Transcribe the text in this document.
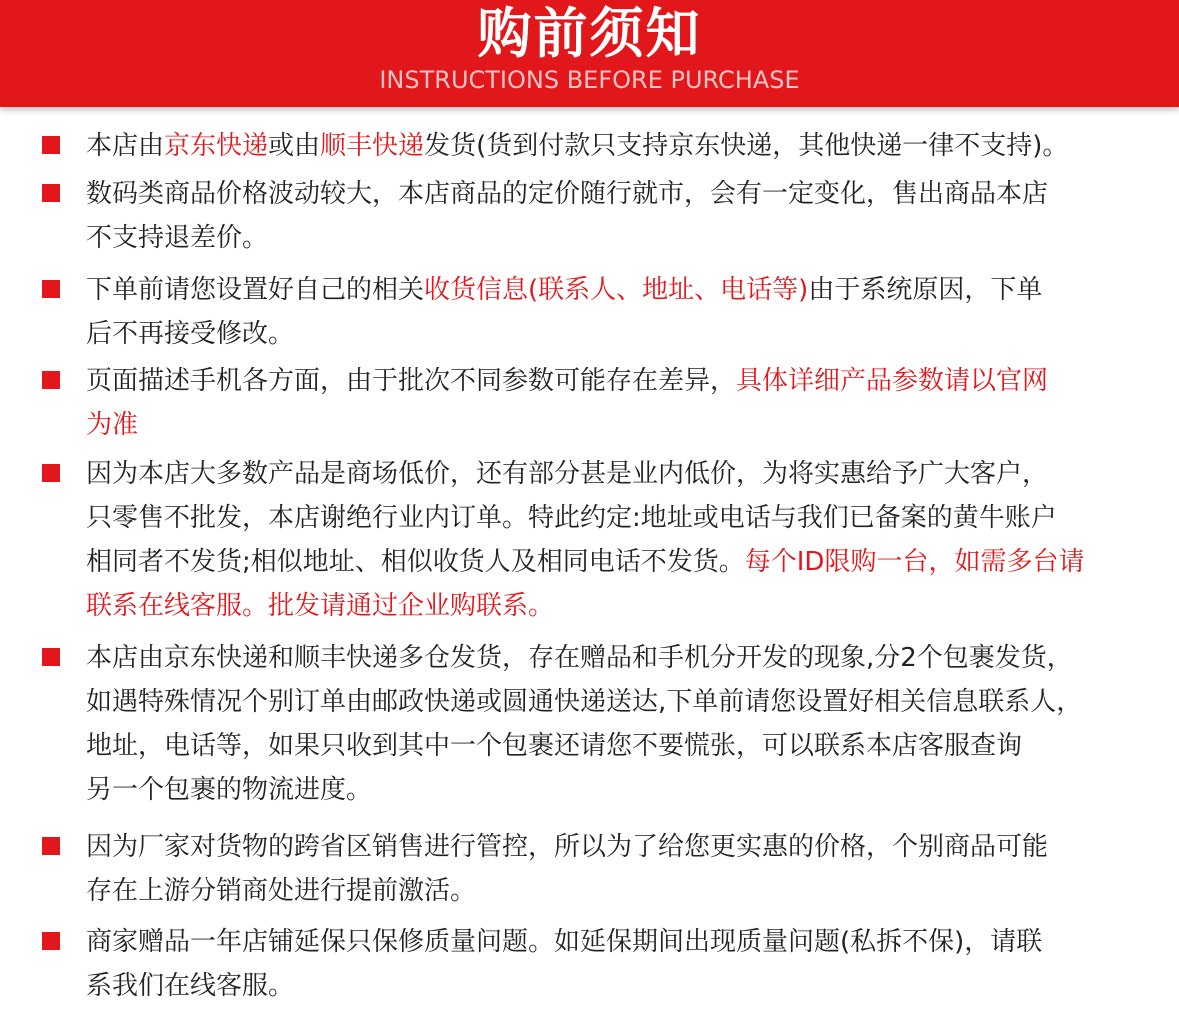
购前须知
INSTRUCTIONS BEFORE PURCHASE
本店由京东快递或由顺丰快递发货(货到付款只支持京东快递，其他快递一律不支持)。
数码类商品价格波动较大，本店商品的定价随行就市，会有一定变化，售出商品本店
不支持退差价。
下单前请您设置好自己的相关收货信息(联系人、地址、电话等)由于系统原因，下单
后不再接受修改。
页面描述手机各方面，由于批次不同参数可能存在差异，具体详细产品参数请以官网
为准
因为本店大多数产品是商场低价，还有部分甚是业内低价，为将实惠给予广大客户，
只零售不批发，本店谢绝行业内订单。特此约定:地址或电话与我们已备案的黄牛账户
相同者不发货;相似地址、相似收货人及相同电话不发货。每个ID限购一台，如需多台请
联系在线客服。批发请通过企业购联系。
本店由京东快递和顺丰快递多仓发货，存在赠品和手机分开发的现象,分2个包裹发货，
如遇特殊情况个别订单由邮政快递或圆通快递送达,下单前请您设置好相关信息联系人，
地址，电话等，如果只收到其中一个包裹还请您不要慌张，可以联系本店客服查询
另一个包裹的物流进度。
因为厂家对货物的跨省区销售进行管控，所以为了给您更实惠的价格，个别商品可能
存在上游分销商处进行提前激活。
商家赠品一年店铺延保只保修质量问题。如延保期间出现质量问题(私拆不保)，请联
系我们在线客服。
